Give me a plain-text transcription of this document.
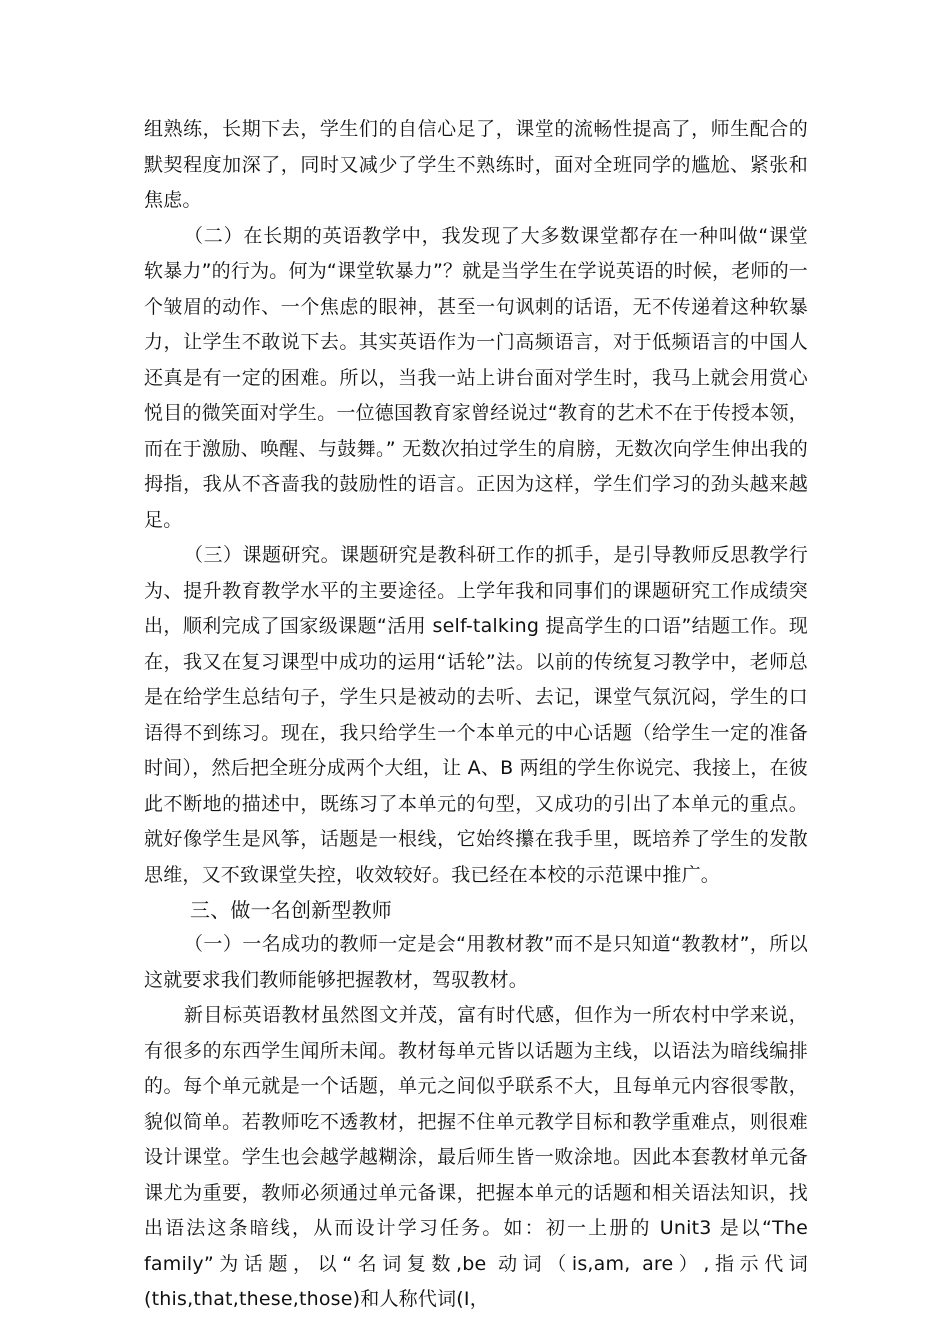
组熟练，长期下去，学生们的自信心足了，课堂的流畅性提高了，师生配合的默契程度加深了，同时又减少了学生不熟练时，面对全班同学的尴尬、紧张和焦虑。

（二）在长期的英语教学中，我发现了大多数课堂都存在一种叫做“课堂软暴力”的行为。何为“课堂软暴力”？就是当学生在学说英语的时候，老师的一个皱眉的动作、一个焦虑的眼神，甚至一句讽刺的话语，无不传递着这种软暴力，让学生不敢说下去。其实英语作为一门高频语言，对于低频语言的中国人还真是有一定的困难。所以，当我一站上讲台面对学生时，我马上就会用赏心悦目的微笑面对学生。一位德国教育家曾经说过“教育的艺术不在于传授本领，而在于激励、唤醒、与鼓舞。” 无数次拍过学生的肩膀，无数次向学生伸出我的拇指，我从不吝啬我的鼓励性的语言。正因为这样，学生们学习的劲头越来越足。

（三）课题研究。课题研究是教科研工作的抓手，是引导教师反思教学行为、提升教育教学水平的主要途径。上学年我和同事们的课题研究工作成绩突出，顺利完成了国家级课题“活用 self-talking 提高学生的口语”结题工作。现在，我又在复习课型中成功的运用“话轮”法。以前的传统复习教学中，老师总是在给学生总结句子，学生只是被动的去听、去记，课堂气氛沉闷，学生的口语得不到练习。现在，我只给学生一个本单元的中心话题（给学生一定的准备时间），然后把全班分成两个大组，让 A、B 两组的学生你说完、我接上，在彼此不断地的描述中，既练习了本单元的句型，又成功的引出了本单元的重点。就好像学生是风筝，话题是一根线，它始终攥在我手里，既培养了学生的发散思维，又不致课堂失控，收效较好。我已经在本校的示范课中推广。

三、做一名创新型教师

（一）一名成功的教师一定是会“用教材教”而不是只知道“教教材”，所以这就要求我们教师能够把握教材，驾驭教材。

新目标英语教材虽然图文并茂，富有时代感，但作为一所农村中学来说，有很多的东西学生闻所未闻。教材每单元皆以话题为主线，以语法为暗线编排的。每个单元就是一个话题，单元之间似乎联系不大，且每单元内容很零散，貌似简单。若教师吃不透教材，把握不住单元教学目标和教学重难点，则很难设计课堂。学生也会越学越糊涂，最后师生皆一败涂地。因此本套教材单元备课尤为重要，教师必须通过单元备课，把握本单元的话题和相关语法知识，找出语法这条暗线，从而设计学习任务。如：初一上册的 Unit3 是以“The family”为话题，以“名词复数,be 动词（is,am, are）,指示代词(this,that,these,those)和人称代词(I，
